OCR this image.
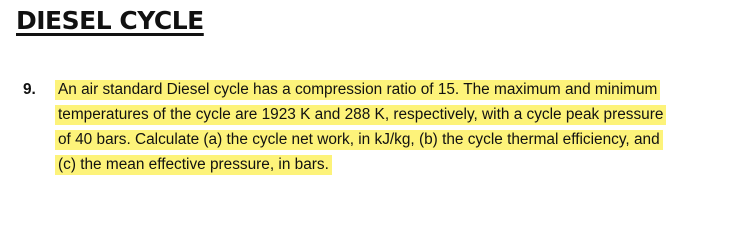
DIESEL CYCLE
9. An air standard Diesel cycle has a compression ratio of 15. The maximum and minimum
temperatures of the cycle are 1923 K and 288 K, respectively, with a cycle peak pressure
of 40 bars. Calculate (a) the cycle net work, in kJ/kg, (b) the cycle thermal efficiency, and
(c) the mean effective pressure, in bars.
